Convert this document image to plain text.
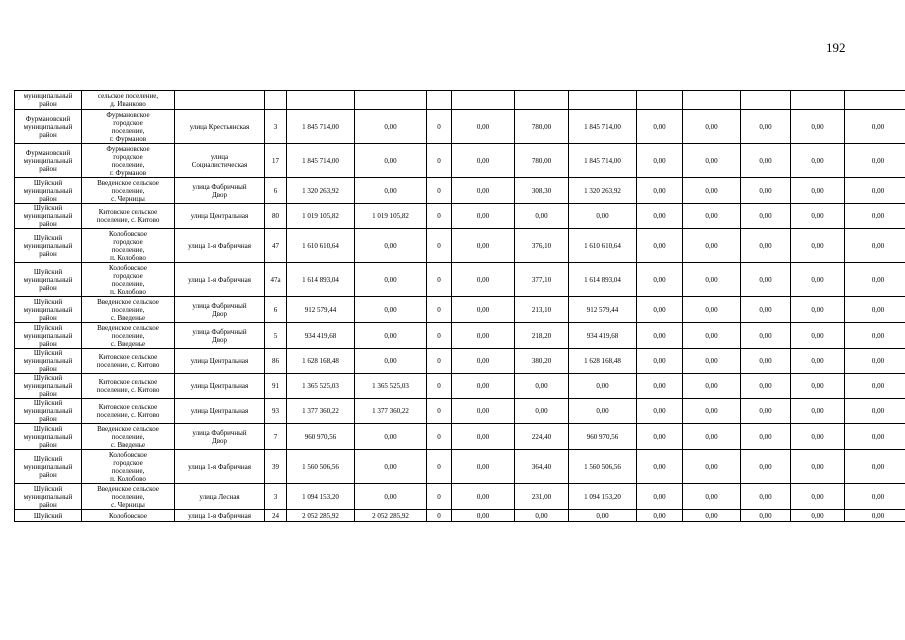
192
муниципальный
район	сельское поселение,
д. Иванково													
Фурмановский
муниципальный
район	Фурмановское
городское
поселение,
г. Фурманов	улица Крестьянская	3	1 845 714,00	0,00	0	0,00	780,00	1 845 714,00	0,00	0,00	0,00	0,00	0,00
Фурмановский
муниципальный
район	Фурмановское
городское
поселение,
г. Фурманов	улица
Социалистическая	17	1 845 714,00	0,00	0	0,00	780,00	1 845 714,00	0,00	0,00	0,00	0,00	0,00
Шуйский
муниципальный
район	Введенское сельское
поселение,
с. Черницы	улица Фабричный
Двор	6	1 320 263,92	0,00	0	0,00	308,30	1 320 263,92	0,00	0,00	0,00	0,00	0,00
Шуйский
муниципальный
район	Китовское сельское
поселение, с. Китово	улица Центральная	80	1 019 105,82	1 019 105,82	0	0,00	0,00	0,00	0,00	0,00	0,00	0,00	0,00
Шуйский
муниципальный
район	Колобовское
городское
поселение,
п. Колобово	улица 1-я Фабричная	47	1 610 610,64	0,00	0	0,00	376,10	1 610 610,64	0,00	0,00	0,00	0,00	0,00
Шуйский
муниципальный
район	Колобовское
городское
поселение,
п. Колобово	улица 1-я Фабричная	47а	1 614 893,04	0,00	0	0,00	377,10	1 614 893,04	0,00	0,00	0,00	0,00	0,00
Шуйский
муниципальный
район	Введенское сельское
поселение,
с. Введенье	улица Фабричный
Двор	6	912 579,44	0,00	0	0,00	213,10	912 579,44	0,00	0,00	0,00	0,00	0,00
Шуйский
муниципальный
район	Введенское сельское
поселение,
с. Введенье	улица Фабричный
Двор	5	934 419,68	0,00	0	0,00	218,20	934 419,68	0,00	0,00	0,00	0,00	0,00
Шуйский
муниципальный
район	Китовское сельское
поселение, с. Китово	улица Центральная	86	1 628 168,48	0,00	0	0,00	380,20	1 628 168,48	0,00	0,00	0,00	0,00	0,00
Шуйский
муниципальный
район	Китовское сельское
поселение, с. Китово	улица Центральная	91	1 365 525,03	1 365 525,03	0	0,00	0,00	0,00	0,00	0,00	0,00	0,00	0,00
Шуйский
муниципальный
район	Китовское сельское
поселение, с. Китово	улица Центральная	93	1 377 360,22	1 377 360,22	0	0,00	0,00	0,00	0,00	0,00	0,00	0,00	0,00
Шуйский
муниципальный
район	Введенское сельское
поселение,
с. Введенье	улица Фабричный
Двор	7	960 970,56	0,00	0	0,00	224,40	960 970,56	0,00	0,00	0,00	0,00	0,00
Шуйский
муниципальный
район	Колобовское
городское
поселение,
п. Колобово	улица 1-я Фабричная	39	1 560 506,56	0,00	0	0,00	364,40	1 560 506,56	0,00	0,00	0,00	0,00	0,00
Шуйский
муниципальный
район	Введенское сельское
поселение,
с. Черницы	улица Лесная	3	1 094 153,20	0,00	0	0,00	231,00	1 094 153,20	0,00	0,00	0,00	0,00	0,00
Шуйский	Колобовское	улица 1-я Фабричная	24	2 052 285,92	2 052 285,92	0	0,00	0,00	0,00	0,00	0,00	0,00	0,00	0,00
